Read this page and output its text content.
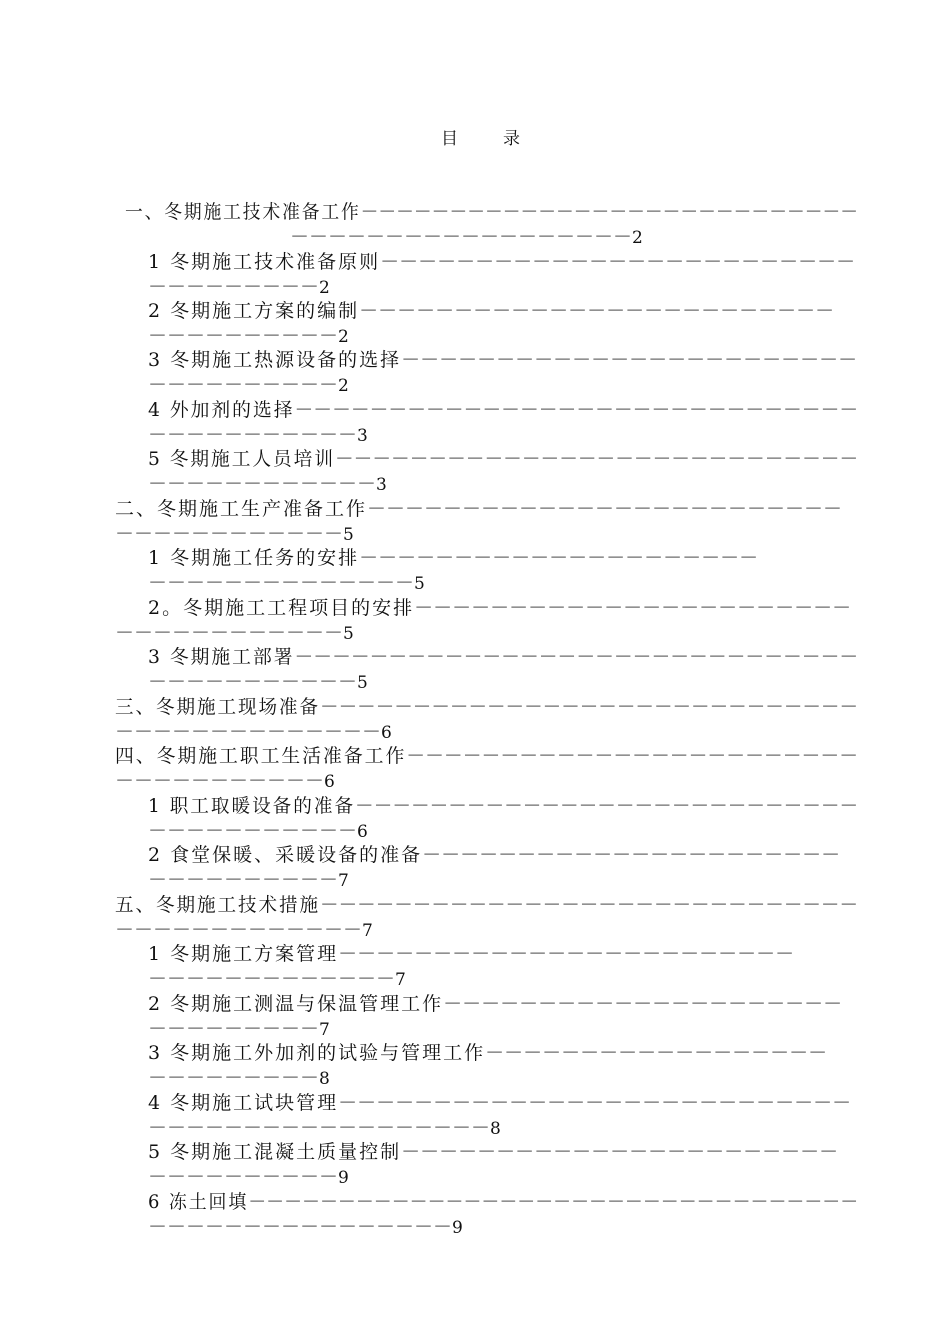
目　录
一、冬期施工技术准备工作－－－－－－－－－－－－－－－－－－－－－－－－－－－－
－－－－－－－－－－－－－－－－－－2
1 冬期施工技术准备原则－－－－－－－－－－－－－－－－－－－－－－－－－
－－－－－－－－－2
2 冬期施工方案的编制－－－－－－－－－－－－－－－－－－－－－－－－－
－－－－－－－－－－2
3 冬期施工热源设备的选择－－－－－－－－－－－－－－－－－－－－－－－－
－－－－－－－－－－2
4 外加剂的选择－－－－－－－－－－－－－－－－－－－－－－－－－－－－－－
－－－－－－－－－－－3
5 冬期施工人员培训－－－－－－－－－－－－－－－－－－－－－－－－－－－－
－－－－－－－－－－－－3
二、冬期施工生产准备工作－－－－－－－－－－－－－－－－－－－－－－－－－
－－－－－－－－－－－－5
1 冬期施工任务的安排－－－－－－－－－－－－－－－－－－－－－
－－－－－－－－－－－－－－5
2。冬期施工工程项目的安排－－－－－－－－－－－－－－－－－－－－－－－
－－－－－－－－－－－－5
3 冬期施工部署－－－－－－－－－－－－－－－－－－－－－－－－－－－－－－
－－－－－－－－－－－5
三、冬期施工现场准备－－－－－－－－－－－－－－－－－－－－－－－－－－－－－
－－－－－－－－－－－－－－6
四、冬期施工职工生活准备工作－－－－－－－－－－－－－－－－－－－－－－－－
－－－－－－－－－－－6
1 职工取暖设备的准备－－－－－－－－－－－－－－－－－－－－－－－－－－－
－－－－－－－－－－－6
2 食堂保暖、采暖设备的准备－－－－－－－－－－－－－－－－－－－－－－
－－－－－－－－－－7
五、冬期施工技术措施－－－－－－－－－－－－－－－－－－－－－－－－－－－－－
－－－－－－－－－－－－－7
1 冬期施工方案管理－－－－－－－－－－－－－－－－－－－－－－－－
－－－－－－－－－－－－－7
2 冬期施工测温与保温管理工作－－－－－－－－－－－－－－－－－－－－－
－－－－－－－－－7
3 冬期施工外加剂的试验与管理工作－－－－－－－－－－－－－－－－－－
－－－－－－－－－8
4 冬期施工试块管理－－－－－－－－－－－－－－－－－－－－－－－－－－－
－－－－－－－－－－－－－－－－－－8
5 冬期施工混凝土质量控制－－－－－－－－－－－－－－－－－－－－－－－
－－－－－－－－－－9
6 冻土回填－－－－－－－－－－－－－－－－－－－－－－－－－－－－－－－－－－
－－－－－－－－－－－－－－－－9
